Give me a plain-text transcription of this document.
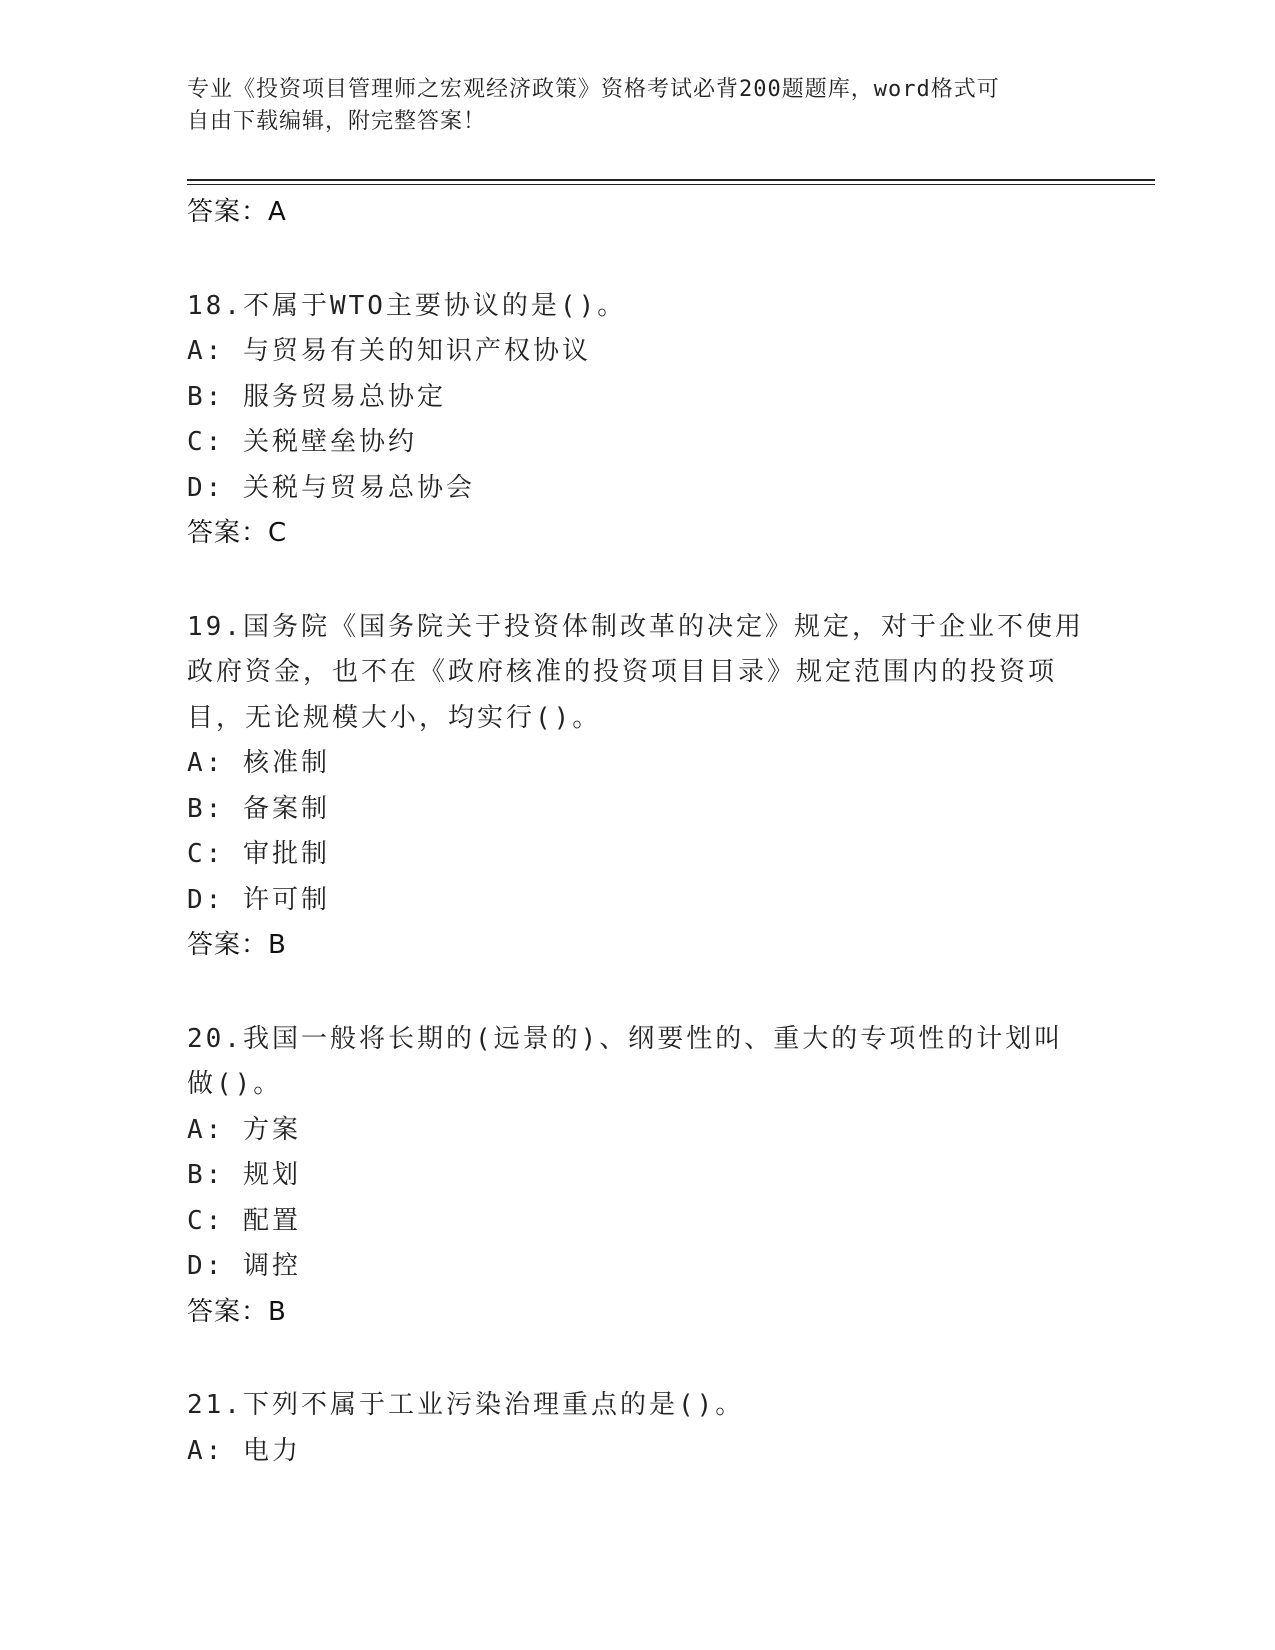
专业《投资项目管理师之宏观经济政策》资格考试必背200题题库，word格式可
自由下载编辑，附完整答案！
答案：A
18.不属于WTO主要协议的是()。
A: 与贸易有关的知识产权协议
B: 服务贸易总协定
C: 关税壁垒协约
D: 关税与贸易总协会
答案：C
19.国务院《国务院关于投资体制改革的决定》规定，对于企业不使用政府资金，也不在《政府核准的投资项目目录》规定范围内的投资项目，无论规模大小，均实行()。
A: 核准制
B: 备案制
C: 审批制
D: 许可制
答案：B
20.我国一般将长期的(远景的)、纲要性的、重大的专项性的计划叫做()。
A: 方案
B: 规划
C: 配置
D: 调控
答案：B
21.下列不属于工业污染治理重点的是()。
A: 电力
